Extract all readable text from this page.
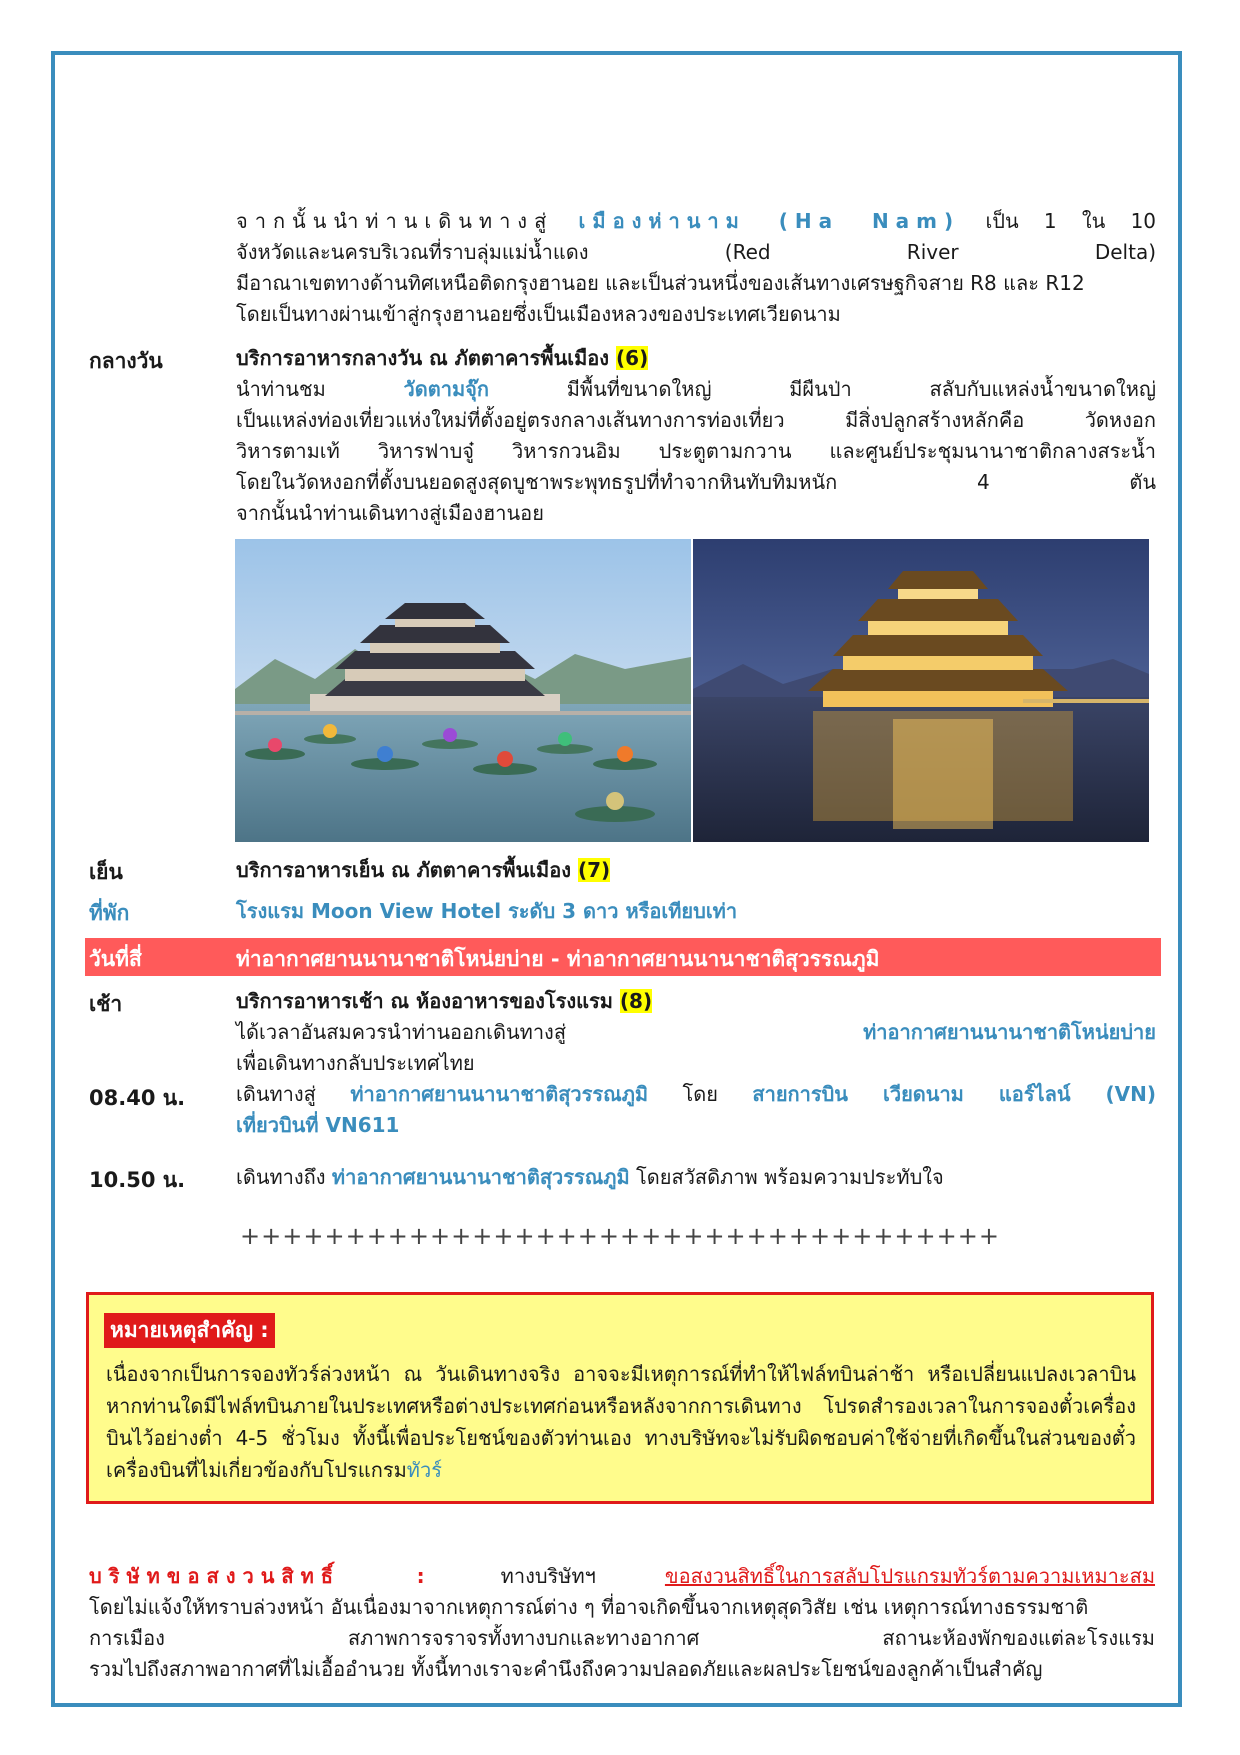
จากนั้นนำท่านเดินทางสู่ เมืองห่านาม (Ha Nam) เป็น 1 ใน 10
จังหวัดและนครบริเวณที่ราบลุ่มแม่น้ำแดง (Red River Delta)
มีอาณาเขตทางด้านทิศเหนือติดกรุงฮานอย และเป็นส่วนหนึ่งของเส้นทางเศรษฐกิจสาย R8 และ R12
โดยเป็นทางผ่านเข้าสู่กรุงฮานอยซึ่งเป็นเมืองหลวงของประเทศเวียดนาม
กลางวัน	บริการอาหารกลางวัน ณ ภัตตาคารพื้นเมือง (6)
นำท่านชม	วัดตามจุ๊ก	มีพื้นที่ขนาดใหญ่ มีผืนป่า สลับกับแหล่งน้ำขนาดใหญ่
เป็นแหล่งท่องเที่ยวแห่งใหม่ที่ตั้งอยู่ตรงกลางเส้นทางการท่องเที่ยว มีสิ่งปลูกสร้างหลักคือ วัดหงอก
วิหารตามเท้ วิหารฟาบจู๋ วิหารกวนอิม ประตูตามกวาน และศูนย์ประชุมนานาชาติกลางสระน้ำ
โดยในวัดหงอกที่ตั้งบนยอดสูงสุดบูชาพระพุทธรูปที่ทำจากหินทับทิมหนัก 4 ตัน
จากนั้นนำท่านเดินทางสู่เมืองฮานอย
เย็น	บริการอาหารเย็น ณ ภัตตาคารพื้นเมือง (7)
ที่พัก	โรงแรม Moon View Hotel ระดับ 3 ดาว หรือเทียบเท่า
วันที่สี่	ท่าอากาศยานนานาชาติโหน่ยบ่าย - ท่าอากาศยานนานาชาติสุวรรณภูมิ
เช้า	บริการอาหารเช้า ณ ห้องอาหารของโรงแรม (8)
ได้เวลาอันสมควรนำท่านออกเดินทางสู่	ท่าอากาศยานนานาชาติโหน่ยบ่าย
เพื่อเดินทางกลับประเทศไทย
08.40 น.	เดินทางสู่ ท่าอากาศยานนานาชาติสุวรรณภูมิ โดย สายการบิน เวียดนาม แอร์ไลน์ (VN)
เที่ยวบินที่ VN611
10.50 น.	เดินทางถึง ท่าอากาศยานนานาชาติสุวรรณภูมิ โดยสวัสดิภาพ พร้อมความประทับใจ
++++++++++++++++++++++++++++++++++++
หมายเหตุสำคัญ :
เนื่องจากเป็นการจองทัวร์ล่วงหน้า ณ วันเดินทางจริง อาจจะมีเหตุการณ์ที่ทำให้ไฟล์ทบินล่าช้า หรือเปลี่ยนแปลงเวลาบิน หากท่านใดมีไฟล์ทบินภายในประเทศหรือต่างประเทศก่อนหรือหลังจากการเดินทาง โปรดสำรองเวลาในการจองตั๋วเครื่องบินไว้อย่างต่ำ 4-5 ชั่วโมง ทั้งนี้เพื่อประโยชน์ของตัวท่านเอง ทางบริษัทจะไม่รับผิดชอบค่าใช้จ่ายที่เกิดขึ้นในส่วนของตั๋วเครื่องบินที่ไม่เกี่ยวข้องกับโปรแกรมทัวร์
บริษัทขอสงวนสิทธิ์ :	ทางบริษัทฯ	ขอสงวนสิทธิ์ในการสลับโปรแกรมทัวร์ตามความเหมาะสม
โดยไม่แจ้งให้ทราบล่วงหน้า อันเนื่องมาจากเหตุการณ์ต่าง ๆ ที่อาจเกิดขึ้นจากเหตุสุดวิสัย เช่น เหตุการณ์ทางธรรมชาติ
การเมือง สภาพการจราจรทั้งทางบกและทางอากาศ สถานะห้องพักของแต่ละโรงแรม
รวมไปถึงสภาพอากาศที่ไม่เอื้ออำนวย ทั้งนี้ทางเราจะคำนึงถึงความปลอดภัยและผลประโยชน์ของลูกค้าเป็นสำคัญ
